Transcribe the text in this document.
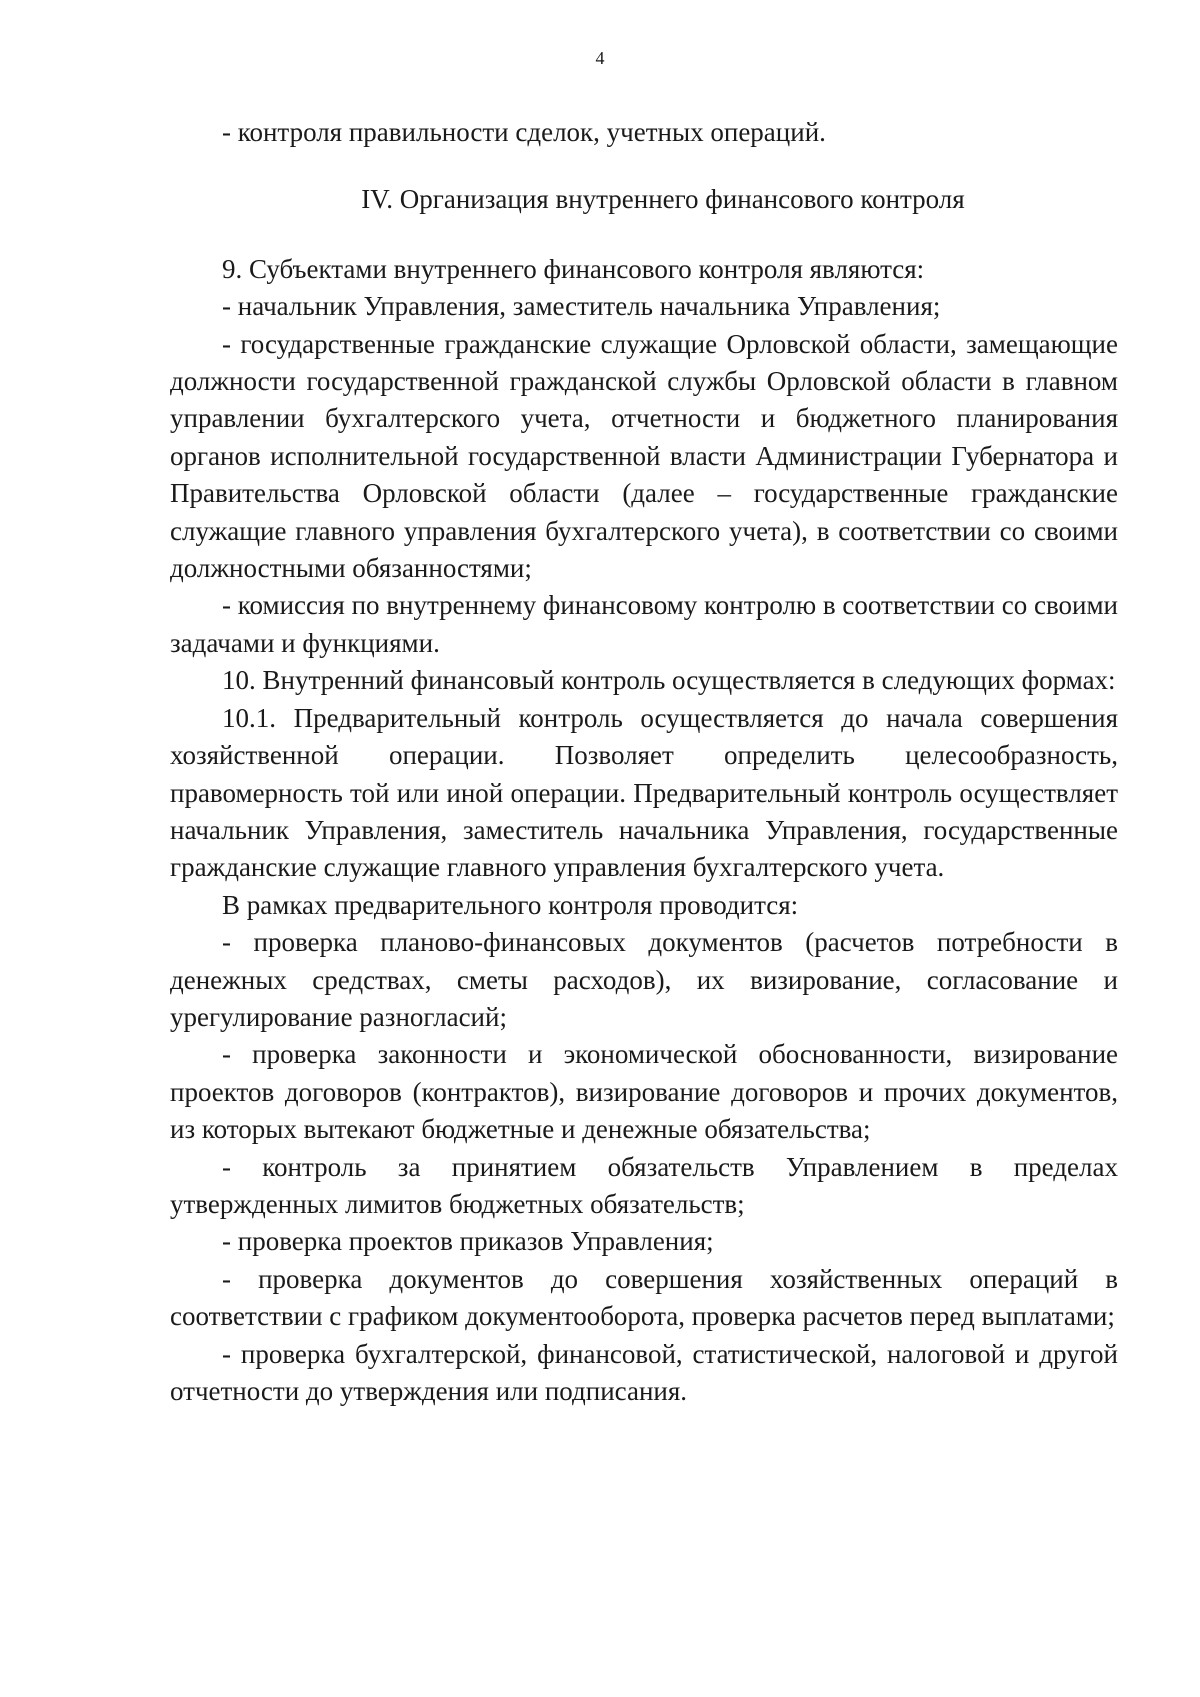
4

- контроля правильности сделок, учетных операций.

IV. Организация внутреннего финансового контроля

9. Субъектами внутреннего финансового контроля являются:

- начальник Управления, заместитель начальника Управления;

- государственные гражданские служащие Орловской области, замещающие должности государственной гражданской службы Орловской области в главном управлении бухгалтерского учета, отчетности и бюджетного планирования органов исполнительной государственной власти Администрации Губернатора и Правительства Орловской области (далее – государственные гражданские служащие главного управления бухгалтерского учета), в соответствии со своими должностными обязанностями;

- комиссия по внутреннему финансовому контролю в соответствии со своими задачами и функциями.

10. Внутренний финансовый контроль осуществляется в следующих формах:

10.1. Предварительный контроль осуществляется до начала совершения хозяйственной операции. Позволяет определить целесообразность, правомерность той или иной операции. Предварительный контроль осуществляет начальник Управления, заместитель начальника Управления, государственные гражданские служащие главного управления бухгалтерского учета.

В рамках предварительного контроля проводится:

- проверка планово-финансовых документов (расчетов потребности в денежных средствах, сметы расходов), их визирование, согласование и урегулирование разногласий;

- проверка законности и экономической обоснованности, визирование проектов договоров (контрактов), визирование договоров и прочих документов, из которых вытекают бюджетные и денежные обязательства;

- контроль за принятием обязательств Управлением в пределах утвержденных лимитов бюджетных обязательств;

- проверка проектов приказов Управления;

- проверка документов до совершения хозяйственных операций в соответствии с графиком документооборота, проверка расчетов перед выплатами;

- проверка бухгалтерской, финансовой, статистической, налоговой и другой отчетности до утверждения или подписания.
